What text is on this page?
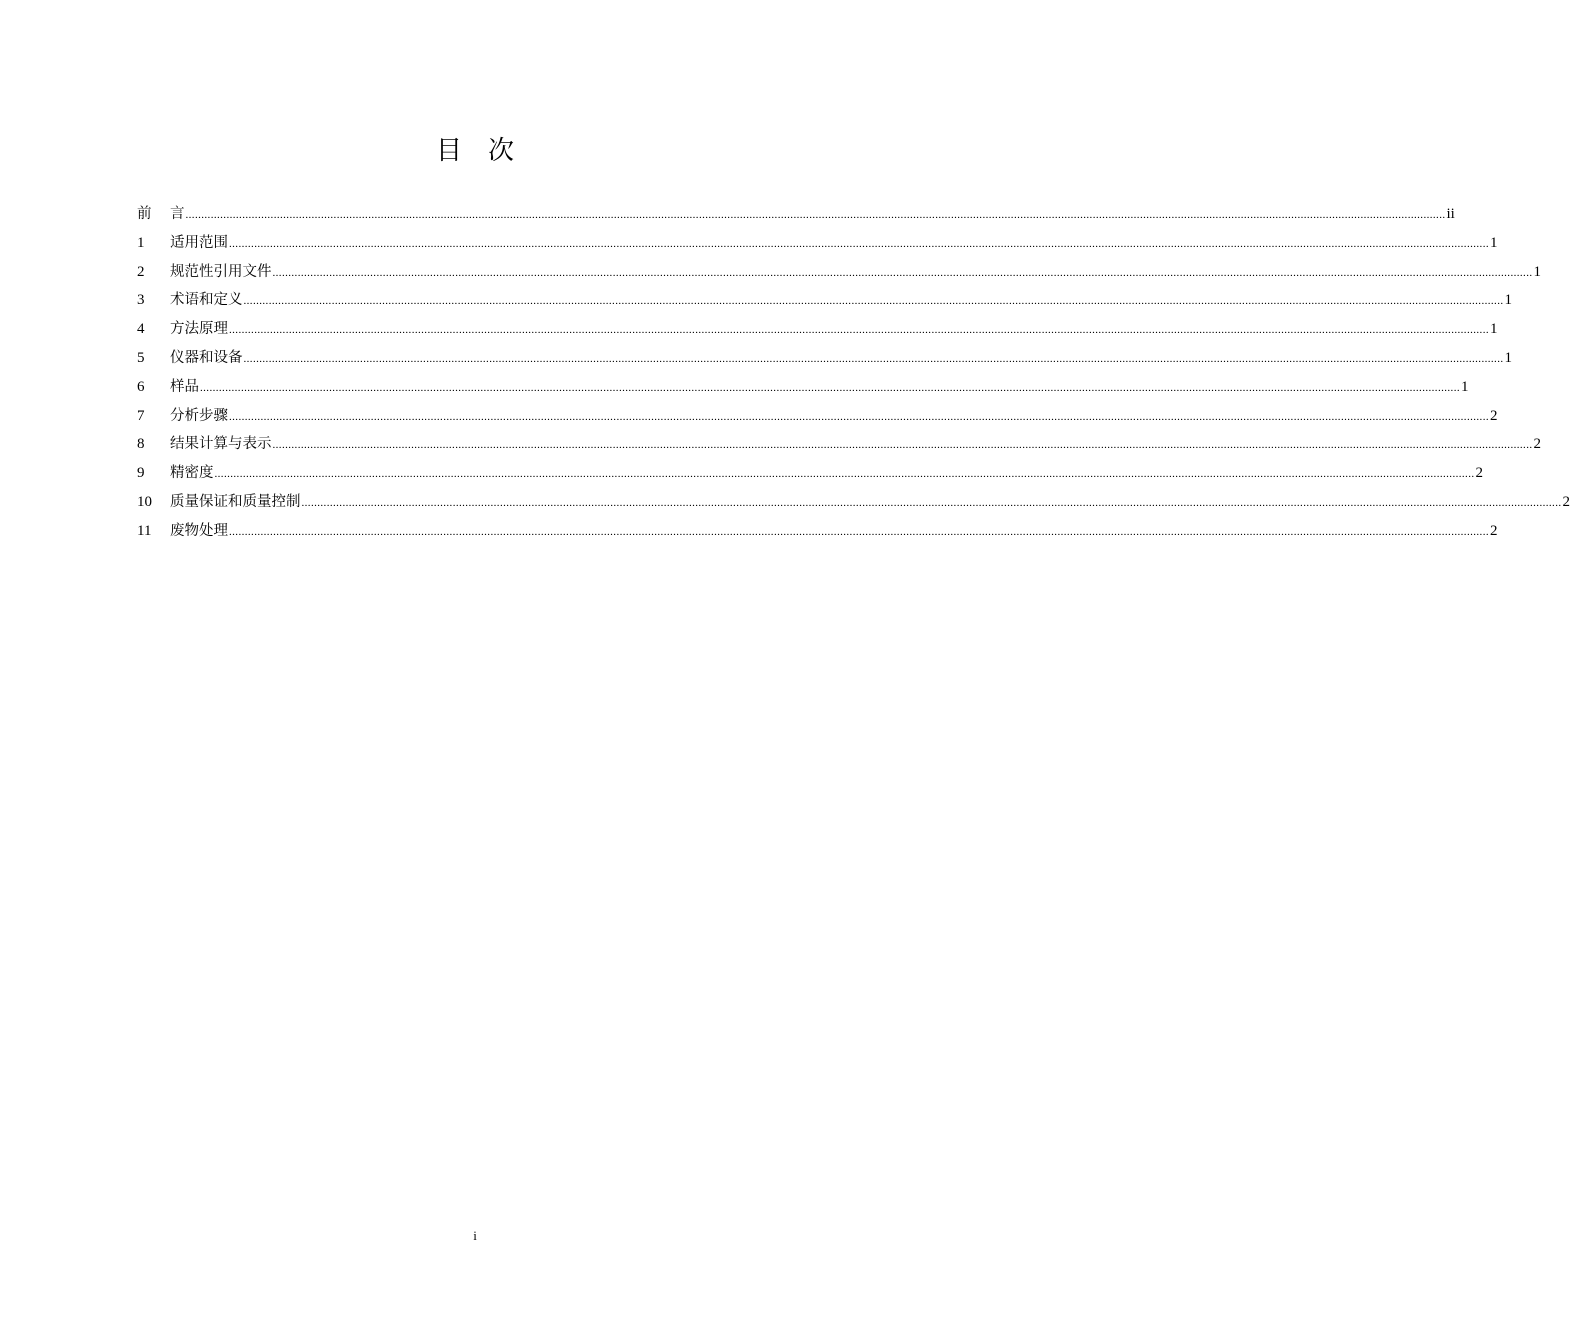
目 次
前	言 ................................................................................................................................................................................................................................................................................................................................................................................................................ ii
1	适用范围 ................................................................................................................................................................................................................................................................................................................................................................................................................ 1
2	规范性引用文件 ................................................................................................................................................................................................................................................................................................................................................................................................................ 1
3	术语和定义 ................................................................................................................................................................................................................................................................................................................................................................................................................ 1
4	方法原理 ................................................................................................................................................................................................................................................................................................................................................................................................................ 1
5	仪器和设备 ................................................................................................................................................................................................................................................................................................................................................................................................................ 1
6	样品 ................................................................................................................................................................................................................................................................................................................................................................................................................ 1
7	分析步骤 ................................................................................................................................................................................................................................................................................................................................................................................................................ 2
8	结果计算与表示 ................................................................................................................................................................................................................................................................................................................................................................................................................ 2
9	精密度 ................................................................................................................................................................................................................................................................................................................................................................................................................ 2
10	质量保证和质量控制 ................................................................................................................................................................................................................................................................................................................................................................................................................ 2
11	废物处理 ................................................................................................................................................................................................................................................................................................................................................................................................................ 2
i
